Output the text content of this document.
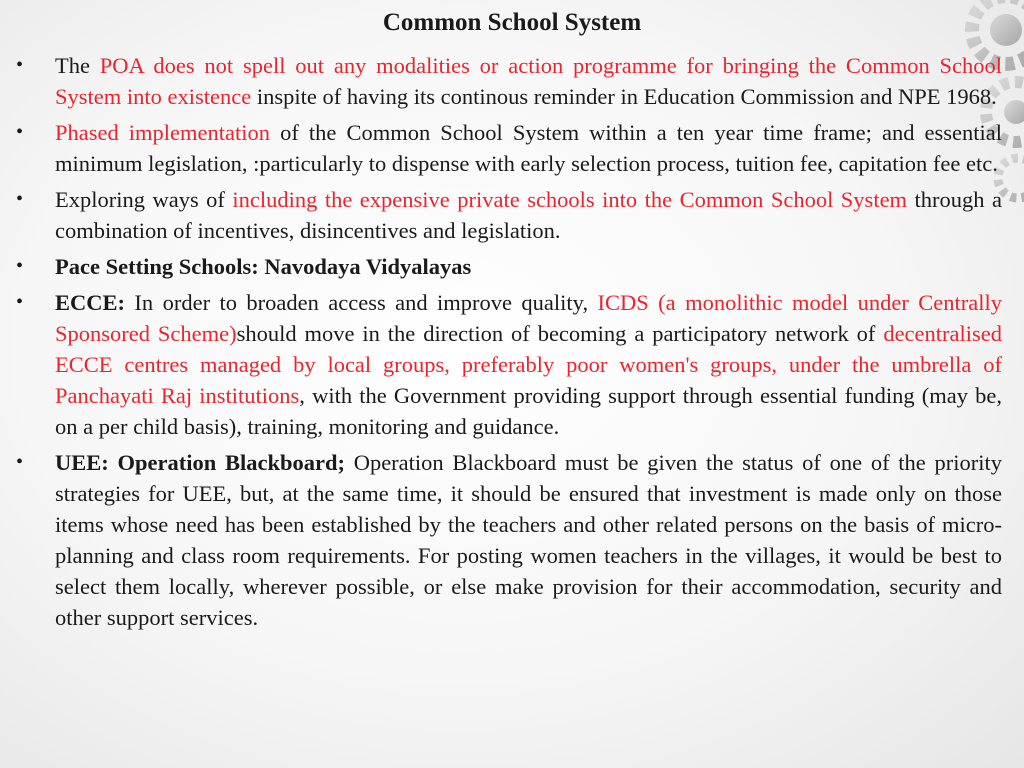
Common School System
• The POA does not spell out any modalities or action programme for bringing the Common School System into existence inspite of having its continous reminder in Education Commission and NPE 1968.
• Phased implementation of the Common School System within a ten year time frame; and essential minimum legislation, :particularly to dispense with early selection process, tuition fee, capitation fee etc.
• Exploring ways of including the expensive private schools into the Common School System through a combination of incentives, disincentives and legislation.
• Pace Setting Schools: Navodaya Vidyalayas
• ECCE: In order to broaden access and improve quality, ICDS (a monolithic model under Centrally Sponsored Scheme)should move in the direction of becoming a participatory network of decentralised ECCE centres managed by local groups, preferably poor women's groups, under the umbrella of Panchayati Raj institutions, with the Government providing support through essential funding (may be, on a per child basis), training, monitoring and guidance.
• UEE: Operation Blackboard; Operation Blackboard must be given the status of one of the priority strategies for UEE, but, at the same time, it should be ensured that investment is made only on those items whose need has been established by the teachers and other related persons on the basis of micro-planning and class room requirements. For posting women teachers in the villages, it would be best to select them locally, wherever possible, or else make provision for their accommodation, security and other support services.
